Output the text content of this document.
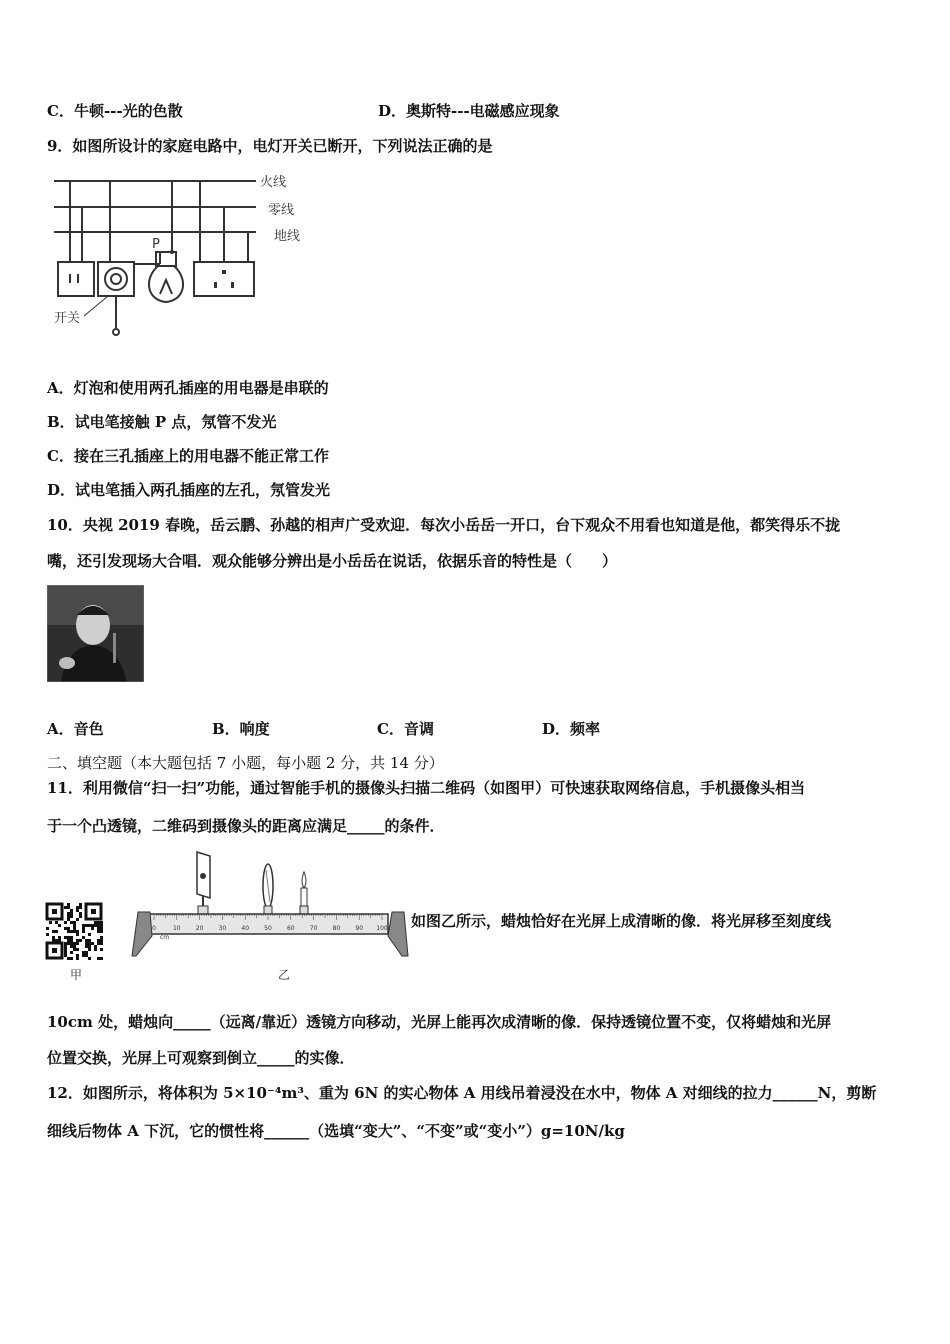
C．牛顿---光的色散	D．奥斯特---电磁感应现象
9．如图所设计的家庭电路中，电灯开关已断开，下列说法正确的是
火线
零线
地线
P
开关
A．灯泡和使用两孔插座的用电器是串联的
B．试电笔接触 P 点，氖管不发光
C．接在三孔插座上的用电器不能正常工作
D．试电笔插入两孔插座的左孔，氖管发光
10．央视 2019 春晚，岳云鹏、孙越的相声广受欢迎．每次小岳岳一开口，台下观众不用看也知道是他，都笑得乐不拢
嘴，还引发现场大合唱．观众能够分辨出是小岳岳在说话，依据乐音的特性是（　　）
A．音色	B．响度	C．音调	D．频率
二、填空题（本大题包括 7 小题，每小题 2 分，共 14 分）
11．利用微信“扫一扫”功能，通过智能手机的摄像头扫描二维码（如图甲）可快速获取网络信息，手机摄像头相当
于一个凸透镜，二维码到摄像头的距离应满足_____的条件．
甲
0	10	20	30	40	50	60	70	80	90 100
cm
乙
如图乙所示，蜡烛恰好在光屏上成清晰的像．将光屏移至刻度线
10cm 处，蜡烛向_____（远离/靠近）透镜方向移动，光屏上能再次成清晰的像．保持透镜位置不变，仅将蜡烛和光屏
位置交换，光屏上可观察到倒立_____的实像．
12．如图所示，将体积为 5×10⁻⁴m³、重为 6N 的实心物体 A 用线吊着浸没在水中，物体 A 对细线的拉力______N，剪断
细线后物体 A 下沉，它的惯性将______（选填“变大”、“不变”或“变小”）g=10N/kg
